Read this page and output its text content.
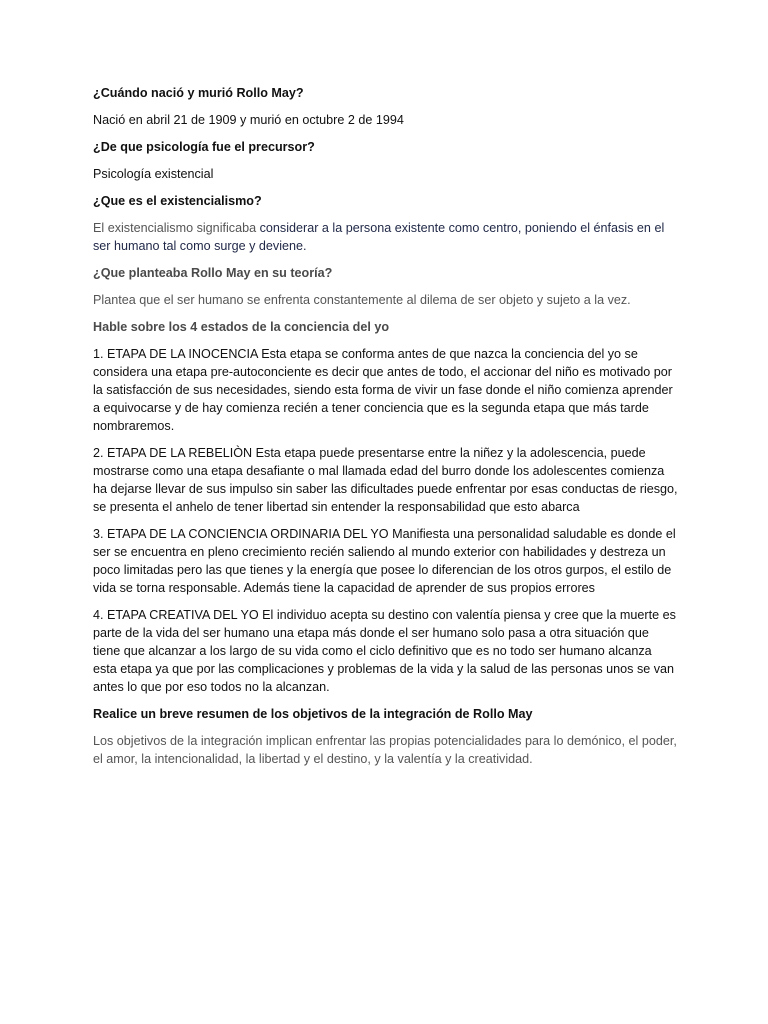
¿Cuándo nació y murió Rollo May?

Nació en abril 21 de 1909 y murió en octubre 2 de 1994

¿De que psicología fue el precursor?

Psicología existencial

¿Que es el existencialismo?

El existencialismo significaba considerar a la persona existente como centro, poniendo el énfasis en el ser humano tal como surge y deviene.

¿Que planteaba Rollo May en su teoría?

Plantea que el ser humano se enfrenta constantemente al dilema de ser objeto y sujeto a la vez.

Hable sobre los 4 estados de la conciencia del yo

1. ETAPA DE LA INOCENCIA Esta etapa se conforma antes de que nazca la conciencia del yo se considera una etapa pre-autoconciente es decir que antes de todo, el accionar del niño es motivado por la satisfacción de sus necesidades, siendo esta forma de vivir un fase donde el niño comienza aprender a equivocarse y de hay comienza recién a tener conciencia que es la segunda etapa que más tarde nombraremos.

2. ETAPA DE LA REBELIÒN Esta etapa puede presentarse entre la niñez y la adolescencia, puede mostrarse como una etapa desafiante o mal llamada edad del burro donde los adolescentes comienza ha dejarse llevar de sus impulso sin saber las dificultades puede enfrentar por esas conductas de riesgo, se presenta el anhelo de tener libertad sin entender la responsabilidad que esto abarca

3. ETAPA DE LA CONCIENCIA ORDINARIA DEL YO Manifiesta una personalidad saludable es donde el ser se encuentra en pleno crecimiento recién saliendo al mundo exterior con habilidades y destreza un poco limitadas pero las que tienes y la energía que posee lo diferencian de los otros gurpos, el estilo de vida se torna responsable. Además tiene la capacidad de aprender de sus propios errores

4. ETAPA CREATIVA DEL YO El individuo acepta su destino con valentía piensa y cree que la muerte es parte de la vida del ser humano una etapa más donde el ser humano solo pasa a otra situación que tiene que alcanzar a los largo de su vida como el ciclo definitivo que es no todo ser humano alcanza esta etapa ya que por las complicaciones y problemas de la vida y la salud de las personas unos se van antes lo que por eso todos no la alcanzan.

Realice un breve resumen de los objetivos de la integración de Rollo May

Los objetivos de la integración implican enfrentar las propias potencialidades para lo demónico, el poder, el amor, la intencionalidad, la libertad y el destino, y la valentía y la creatividad.
